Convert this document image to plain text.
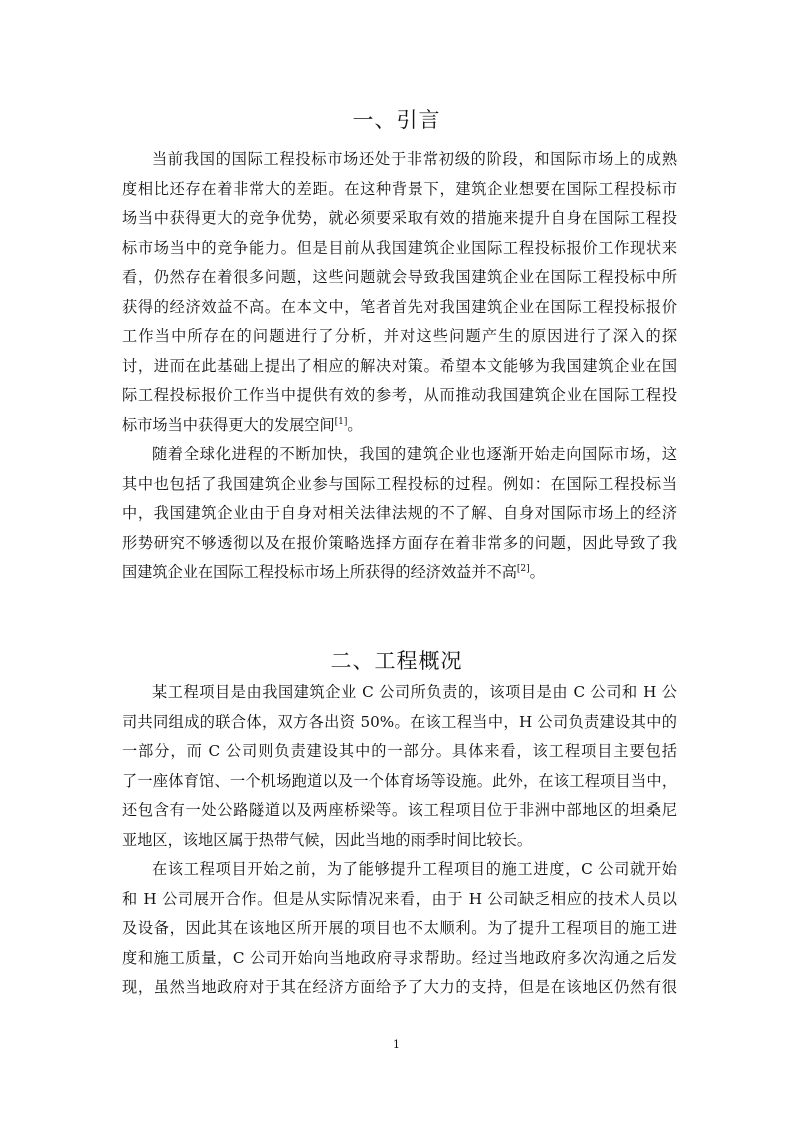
一、引言
当前我国的国际工程投标市场还处于非常初级的阶段，和国际市场上的成熟
度相比还存在着非常大的差距。在这种背景下，建筑企业想要在国际工程投标市
场当中获得更大的竞争优势，就必须要采取有效的措施来提升自身在国际工程投
标市场当中的竞争能力。但是目前从我国建筑企业国际工程投标报价工作现状来
看，仍然存在着很多问题，这些问题就会导致我国建筑企业在国际工程投标中所
获得的经济效益不高。在本文中，笔者首先对我国建筑企业在国际工程投标报价
工作当中所存在的问题进行了分析，并对这些问题产生的原因进行了深入的探
讨，进而在此基础上提出了相应的解决对策。希望本文能够为我国建筑企业在国
际工程投标报价工作当中提供有效的参考，从而推动我国建筑企业在国际工程投
标市场当中获得更大的发展空间[1]。
随着全球化进程的不断加快，我国的建筑企业也逐渐开始走向国际市场，这
其中也包括了我国建筑企业参与国际工程投标的过程。例如：在国际工程投标当
中，我国建筑企业由于自身对相关法律法规的不了解、自身对国际市场上的经济
形势研究不够透彻以及在报价策略选择方面存在着非常多的问题，因此导致了我
国建筑企业在国际工程投标市场上所获得的经济效益并不高[2]。
二、工程概况
某工程项目是由我国建筑企业 C 公司所负责的，该项目是由 C 公司和 H 公
司共同组成的联合体，双方各出资 50%。在该工程当中，H 公司负责建设其中的
一部分，而 C 公司则负责建设其中的一部分。具体来看，该工程项目主要包括
了一座体育馆、一个机场跑道以及一个体育场等设施。此外，在该工程项目当中，
还包含有一处公路隧道以及两座桥梁等。该工程项目位于非洲中部地区的坦桑尼
亚地区，该地区属于热带气候，因此当地的雨季时间比较长。
在该工程项目开始之前，为了能够提升工程项目的施工进度，C 公司就开始
和 H 公司展开合作。但是从实际情况来看，由于 H 公司缺乏相应的技术人员以
及设备，因此其在该地区所开展的项目也不太顺利。为了提升工程项目的施工进
度和施工质量，C 公司开始向当地政府寻求帮助。经过当地政府多次沟通之后发
现，虽然当地政府对于其在经济方面给予了大力的支持，但是在该地区仍然有很
1
